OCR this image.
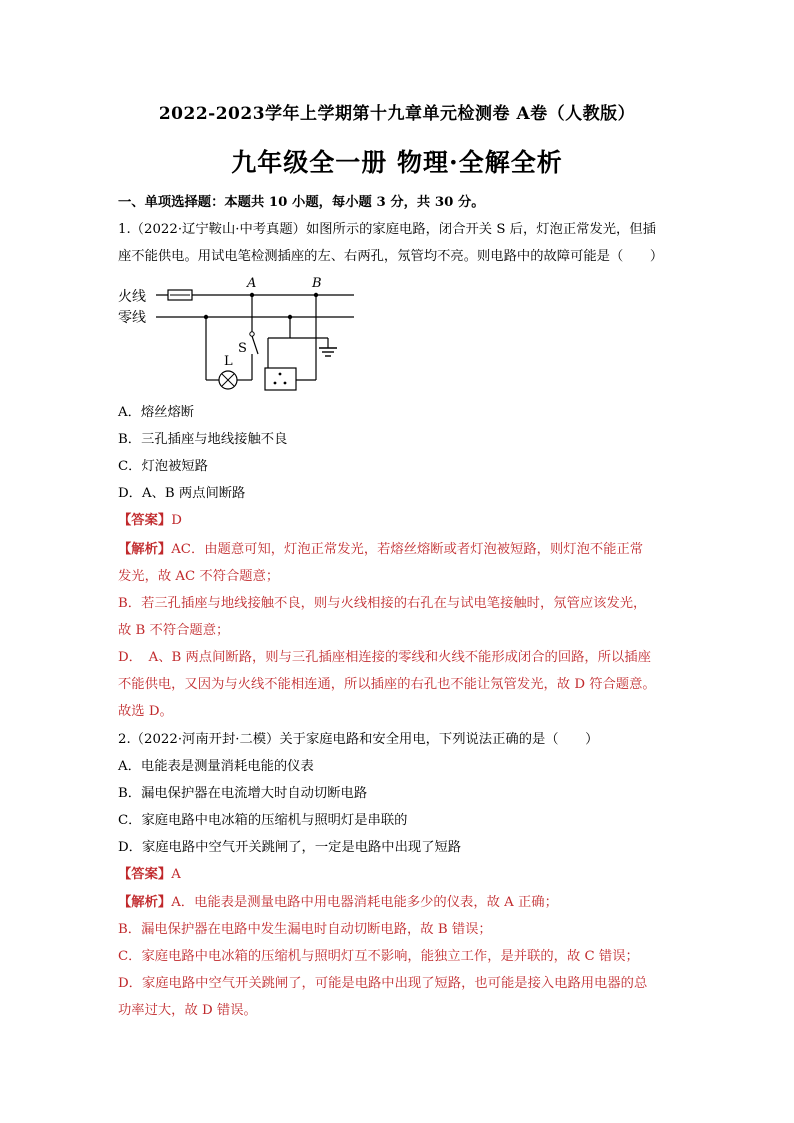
2022-2023学年上学期第十九章单元检测卷 A卷（人教版）
九年级全一册 物理·全解全析
一、单项选择题：本题共 10 小题，每小题 3 分，共 30 分。
1.（2022·辽宁鞍山·中考真题）如图所示的家庭电路，闭合开关 S 后，灯泡正常发光，但插
座不能供电。用试电笔检测插座的左、右两孔，氖管均不亮。则电路中的故障可能是（　　）
火线
零线
A	B
S
L
A．熔丝熔断
B．三孔插座与地线接触不良
C．灯泡被短路
D．A、B 两点间断路
【答案】D
【解析】AC．由题意可知，灯泡正常发光，若熔丝熔断或者灯泡被短路，则灯泡不能正常
发光，故 AC 不符合题意；
B．若三孔插座与地线接触不良，则与火线相接的右孔在与试电笔接触时，氖管应该发光，
故 B 不符合题意；
D．　A、B 两点间断路，则与三孔插座相连接的零线和火线不能形成闭合的回路，所以插座
不能供电，又因为与火线不能相连通，所以插座的右孔也不能让氖管发光，故 D 符合题意。
故选 D。
2.（2022·河南开封·二模）关于家庭电路和安全用电，下列说法正确的是（　　）
A．电能表是测量消耗电能的仪表
B．漏电保护器在电流增大时自动切断电路
C．家庭电路中电冰箱的压缩机与照明灯是串联的
D．家庭电路中空气开关跳闸了，一定是电路中出现了短路
【答案】A
【解析】A．电能表是测量电路中用电器消耗电能多少的仪表，故 A 正确；
B．漏电保护器在电路中发生漏电时自动切断电路，故 B 错误；
C．家庭电路中电冰箱的压缩机与照明灯互不影响，能独立工作，是并联的，故 C 错误；
D．家庭电路中空气开关跳闸了，可能是电路中出现了短路，也可能是接入电路用电器的总
功率过大，故 D 错误。
